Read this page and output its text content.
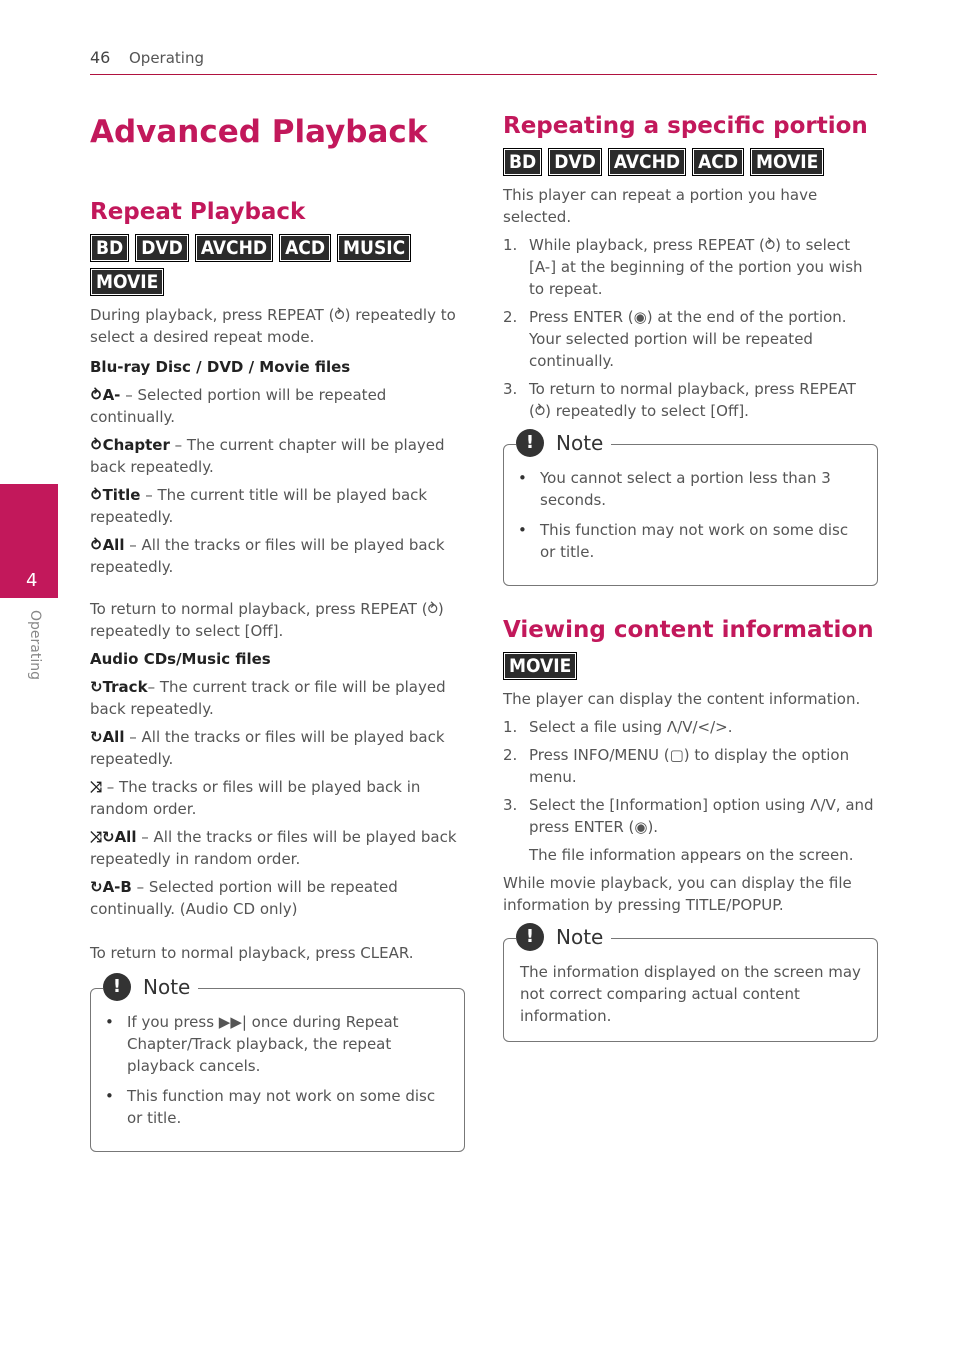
46 Operating
4
Operating
Advanced Playback
Repeat Playback
BD DVD AVCHD ACD MUSIC
MOVIE

During playback, press REPEAT (⥁) repeatedly to select a desired repeat mode.

Blu-ray Disc / DVD / Movie files

⥁A- – Selected portion will be repeated continually.

⥁Chapter – The current chapter will be played back repeatedly.

⥁Title – The current title will be played back repeatedly.

⥁All – All the tracks or files will be played back repeatedly.

To return to normal playback, press REPEAT (⥁) repeatedly to select [Off].

Audio CDs/Music files

↻Track– The current track or file will be played back repeatedly.

↻All – All the tracks or files will be played back repeatedly.

⤨ – The tracks or files will be played back in random order.

⤨↻All – All the tracks or files will be played back repeatedly in random order.

↻A-B – Selected portion will be repeated continually. (Audio CD only)

To return to normal playback, press CLEAR.

!	Note
• If you press ▶▶| once during Repeat Chapter/Track playback, the repeat playback cancels.
• This function may not work on some disc or title.
Repeating a specific portion
BD DVD AVCHD ACD MOVIE

This player can repeat a portion you have selected.

1. While playback, press REPEAT (⥁) to select [A-] at the beginning of the portion you wish to repeat.
2. Press ENTER (◉) at the end of the portion. Your selected portion will be repeated continually.
3. To return to normal playback, press REPEAT (⥁) repeatedly to select [Off].
!	Note
• You cannot select a portion less than 3 seconds.
• This function may not work on some disc or title.
Viewing content information
MOVIE

The player can display the content information.

1. Select a file using Λ/V/</>.
2. Press INFO/MENU (▢) to display the option menu.
3. Select the [Information] option using Λ/V, and press ENTER (◉).

The file information appears on the screen.

While movie playback, you can display the file information by pressing TITLE/POPUP.

!	Note

The information displayed on the screen may not correct comparing actual content information.
